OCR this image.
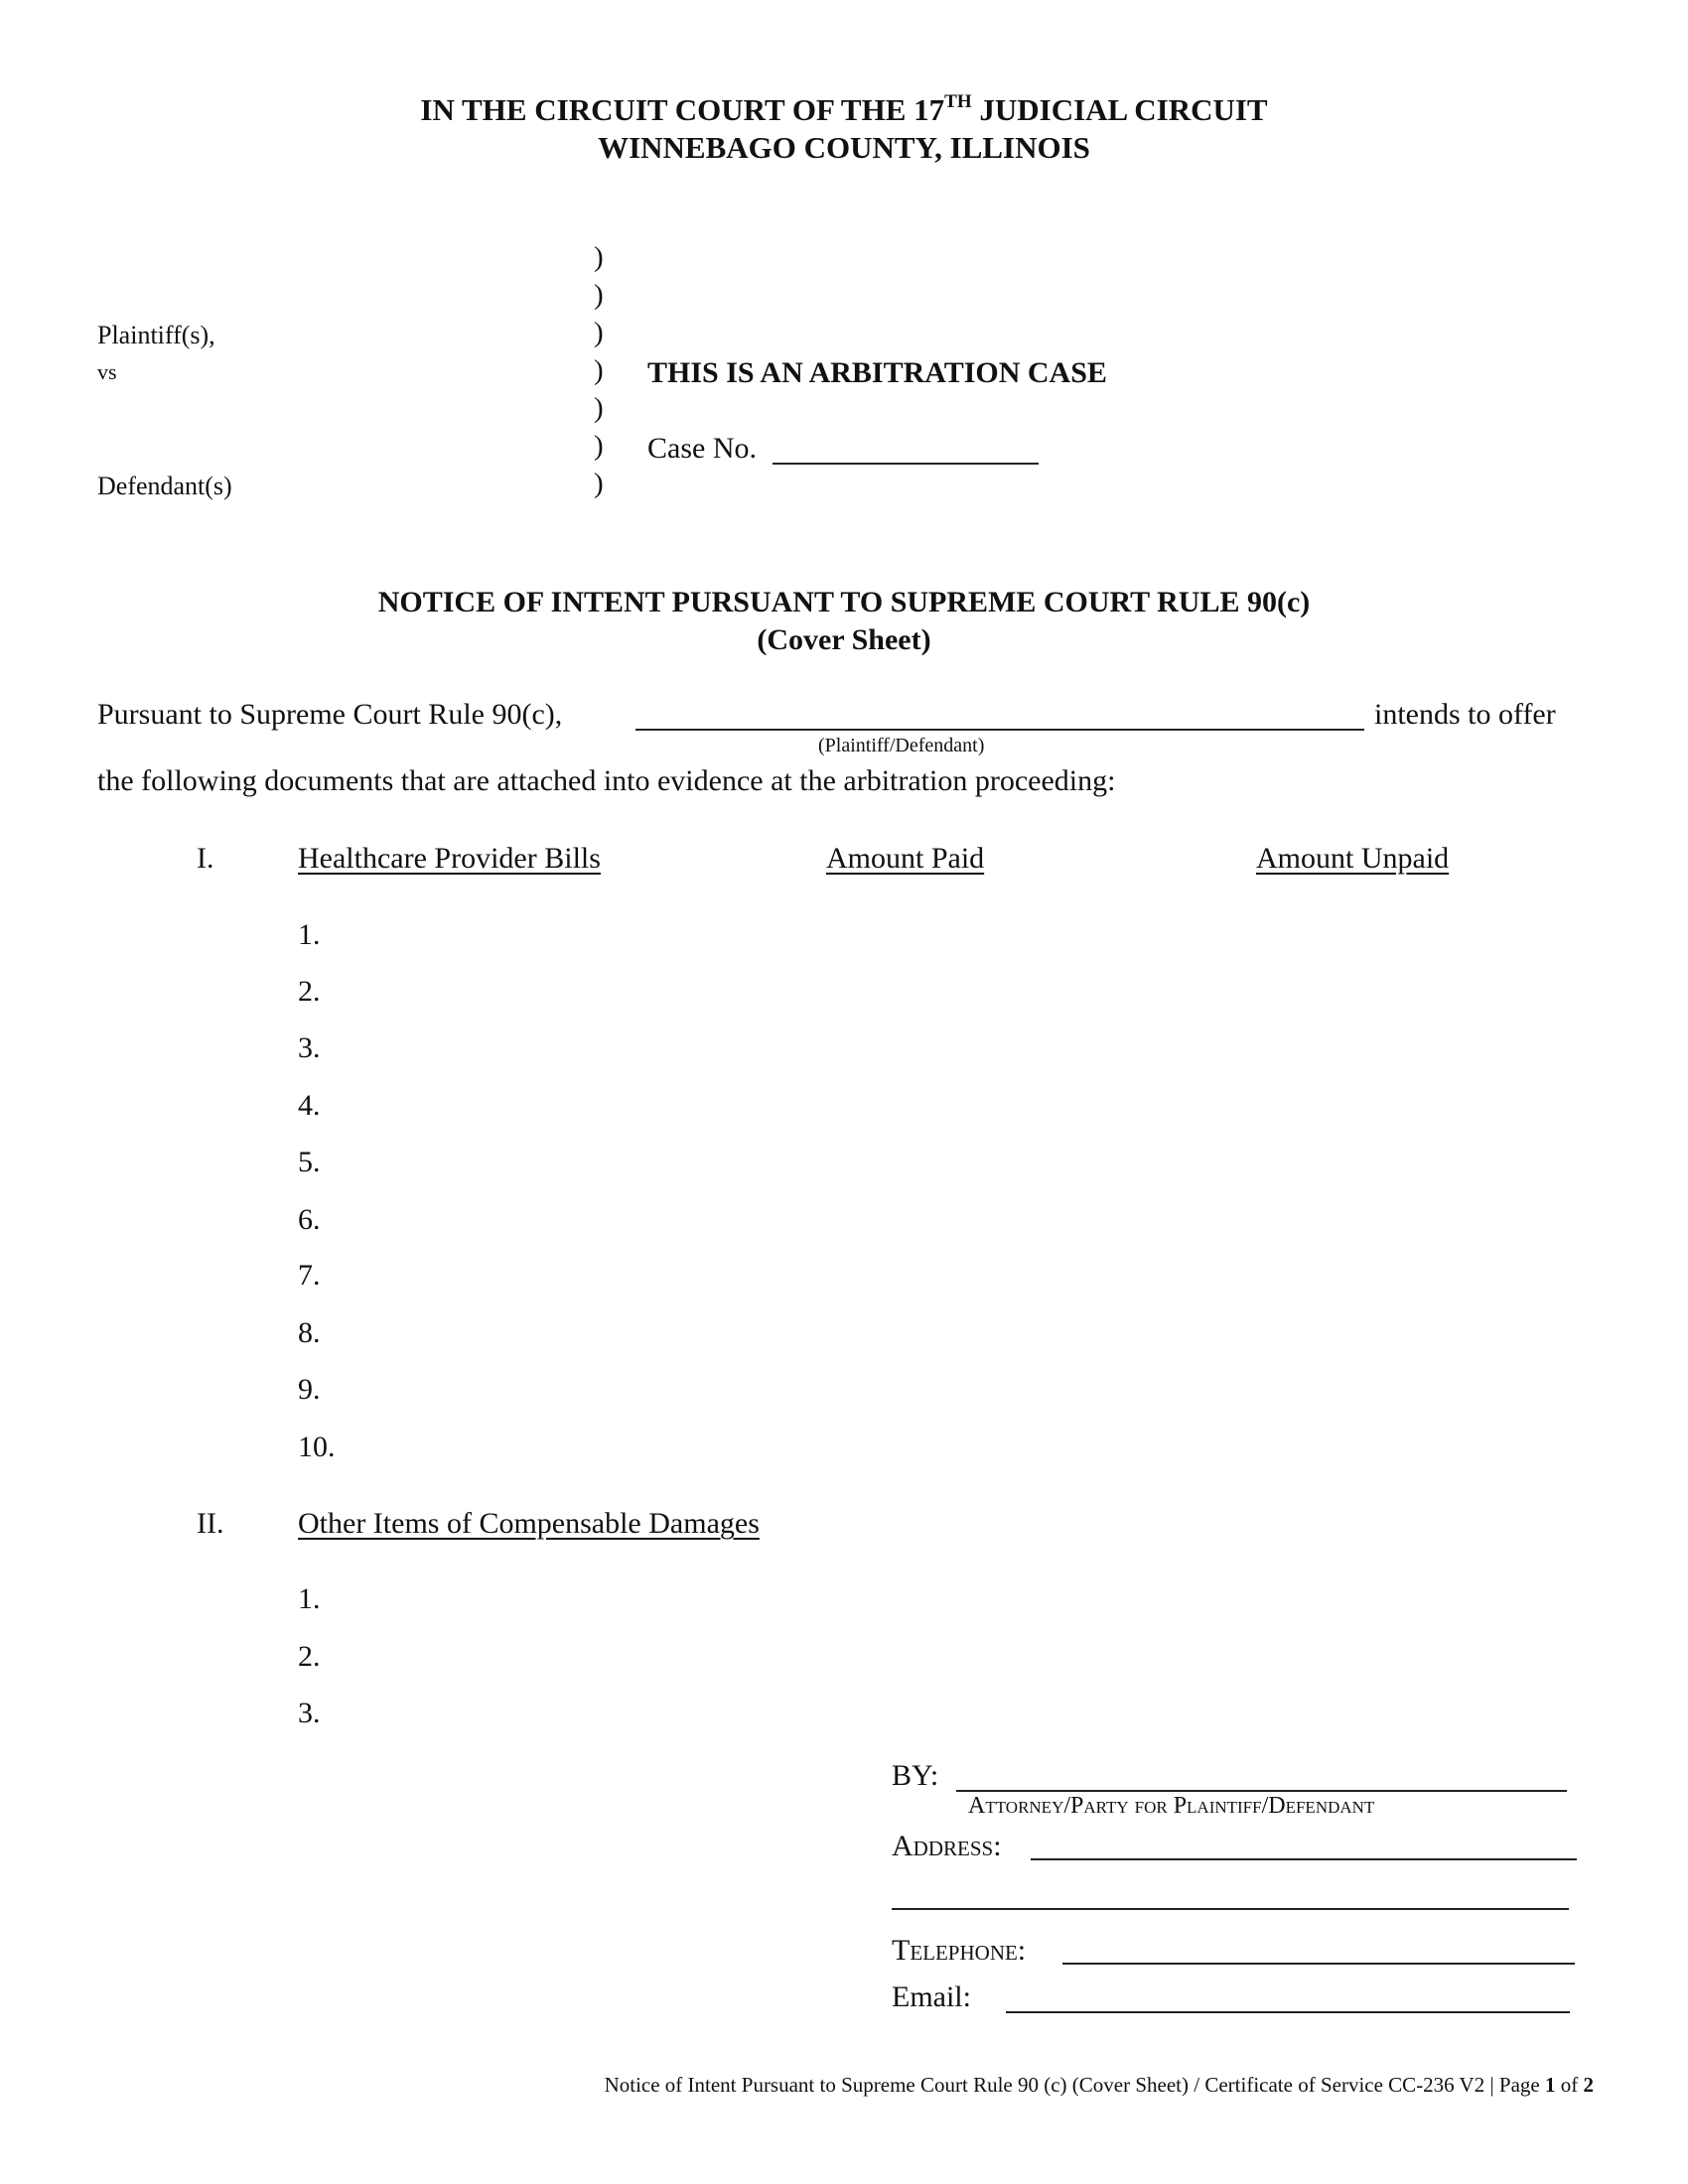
IN THE CIRCUIT COURT OF THE 17TH JUDICIAL CIRCUIT
WINNEBAGO COUNTY, ILLINOIS
)
)
)
)
)
)
)
Plaintiff(s),
vs
Defendant(s)
THIS IS AN ARBITRATION CASE
Case No.
NOTICE OF INTENT PURSUANT TO SUPREME COURT RULE 90(c)
(Cover Sheet)
Pursuant to Supreme Court Rule 90(c),	intends to offer
(Plaintiff/Defendant)
the following documents that are attached into evidence at the arbitration proceeding:
I.	Healthcare Provider Bills	Amount Paid	Amount Unpaid
1.
2.
3.
4.
5.
6.
7.
8.
9.
10.
II. Other Items of Compensable Damages
1.
2.
3.
BY:
Attorney/Party for Plaintiff/Defendant
Address:
Telephone:
Email:
Notice of Intent Pursuant to Supreme Court Rule 90 (c) (Cover Sheet) / Certificate of Service CC-236 V2 | Page 1 of 2
